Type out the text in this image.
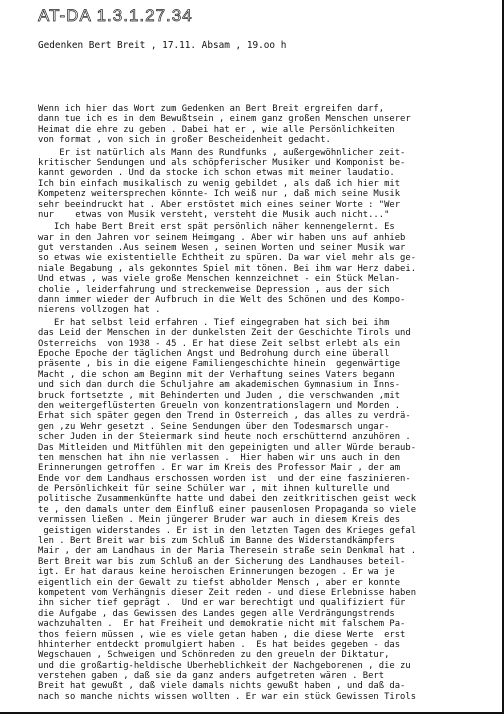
AT-DA 1.3.1.27.34
Gedenken Bert Breit , 17.11. Absam , 19.oo h
Wenn ich hier das Wort zum Gedenken an Bert Breit ergreifen darf,
dann tue ich es in dem Bewußtsein , einem ganz großen Menschen unserer
Heimat die ehre zu geben . Dabei hat er , wie alle Persönlichkeiten
von format , von sich in großer Bescheidenheit gedacht.
Er ist natürlich als Mann des Rundfunks , außergewöhnlicher zeit-
kritischer Sendungen und als schöpferischer Musiker und Komponist be-
kannt geworden . Und da stocke ich schon etwas mit meiner laudatio.
Ich bin einfach musikalisch zu wenig gebildet , als daß ich hier mit
Kompetenz weitersprechen könnte- Ich weiß nur , daß mich seine Musik
sehr beeindruckt hat . Aber erstöstet mich eines seiner Worte : "Wer
nur    etwas von Musik versteht, versteht die Musik auch nicht..."
Ich habe Bert Breit erst spät persönlich näher kennengelernt. Es
war in den Jahren vor seinem Heimgang . Aber wir haben uns auf anhieb
gut verstanden .Aus seinem Wesen , seinen Worten und seiner Musik war
so etwas wie existentielle Echtheit zu spüren. Da war viel mehr als ge-
niale Begabung , als gekonntes Spiel mit tönen. Bei ihm war Herz dabei.
Und etwas , was viele große Menschen kennzeichnet - ein Stück Melan-
cholie , leiderfahrung und streckenweise Depression , aus der sich
dann immer wieder der Aufbruch in die Welt des Schönen und des Kompo-
nierens vollzogen hat .
Er hat selbst leid erfahren . Tief eingegraben hat sich bei ihm
das Leid der Menschen in der dunkelsten Zeit der Geschichte Tirols und
Österreichs  von 1938 - 45 . Er hat diese Zeit selbst erlebt als ein
Epoche Epoche der täglichen Angst und Bedrohung durch eine überall
präsente , bis in die eigene Familiengeschichte hinein  gegenwärtige
Macht , die schon am Beginn mit der Verhaftung seines Vaters begann
und sich dan durch die Schuljahre am akademischen Gymnasium in Inns-
bruck fortsetzte , mit Behinderten und Juden , die verschwanden ,mit
den weitergeflüsterten Greueln von konzentrationslagern und Morden .
Erhat sich später gegen den Trend in Österreich , das alles zu verdrä-
gen ,zu Wehr gesetzt . Seine Sendungen über den Todesmarsch ungar-
scher Juden in der Steiermark sind heute noch erschütternd anzuhören .
Das Mitleiden und Mitfühlen mit den gepeinigten und aller Würde beraub-
ten menschen hat ihn nie verlassen .  Hier haben wir uns auch in den
Erinnerungen getroffen . Er war im Kreis des Professor Mair , der am
Ende vor dem Landhaus erschossen worden ist  und der eine faszinieren-
de Persönlichkeit für seine Schüler war , mit ihnen kulturelle und
politische Zusammenkünfte hatte und dabei den zeitkritischen geist weck
te , den damals unter dem Einfluß einer pausenlosen Propaganda so viele
vermissen ließen . Mein jüngerer Bruder war auch in diesem Kreis des
geistigen widerstandes . Er ist in den letzten Tagen des Krieges gefal
len . Bert Breit war bis zum Schluß im Banne des Widerstandkämpfers
Mair , der am Landhaus in der Maria Theresein straße sein Denkmal hat .
Bert Breit war bis zum Schluß an der Sicherung des Landhauses beteil-
igt. Er hat daraus keine heroischen Erinnerungen bezogen . Er wa je
eigentlich ein der Gewalt zu tiefst abholder Mensch , aber er konnte
kompetent vom Verhängnis dieser Zeit reden - und diese Erlebnisse haben
ihn sicher tief geprägt .  Und er war berechtigt und qualifiziert für
die Aufgabe , das Gewissen des Landes gegen alle Verdrängungstrends
wachzuhalten .  Er hat Freiheit und demokratie nicht mit falschem Pa-
thos feiern müssen , wie es viele getan haben , die diese Werte  erst
hhinterher entdeckt promulgiert haben .  Es hat beides gegeben - das
Wegschauen , Schweigen und Schönreden zu den greueln der Diktatur,
und die großartig-heldische Überheblichkeit der Nachgeborenen , die zu
verstehen gaben , daß sie da ganz anders aufgetreten wären . Bert
Breit hat gewußt , daß viele damals nichts gewußt haben , und daß da-
nach so manche nichts wissen wollten . Er war ein stück Gewissen Tirols
